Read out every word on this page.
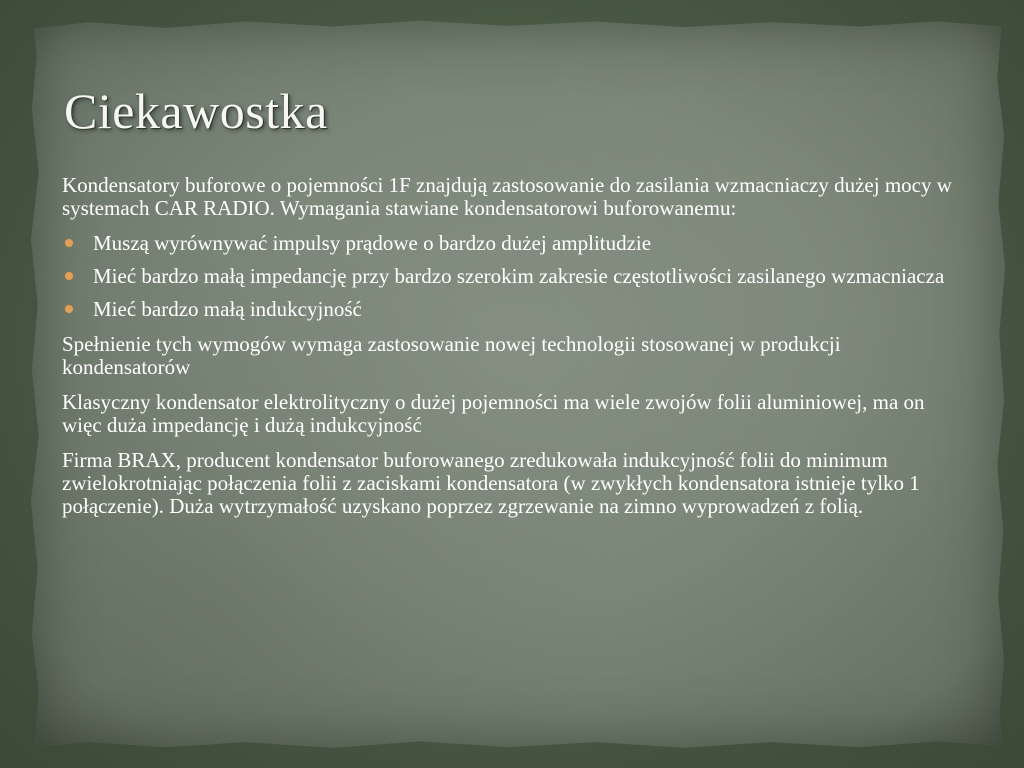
Ciekawostka

Kondensatory buforowe o pojemności 1F znajdują zastosowanie do zasilania wzmacniaczy dużej mocy w systemach CAR RADIO. Wymagania stawiane kondensatorowi buforowanemu:

Muszą wyrównywać impulsy prądowe o bardzo dużej amplitudzie
Mieć bardzo małą impedancję przy bardzo szerokim zakresie częstotliwości zasilanego wzmacniacza
Mieć bardzo małą indukcyjność

Spełnienie tych wymogów wymaga zastosowanie nowej technologii stosowanej w produkcji kondensatorów

Klasyczny kondensator elektrolityczny o dużej pojemności ma wiele zwojów folii aluminiowej, ma on więc duża impedancję i dużą indukcyjność

Firma BRAX, producent kondensator buforowanego zredukowała indukcyjność folii do minimum zwielokrotniając połączenia folii z zaciskami kondensatora (w zwykłych kondensatora istnieje tylko 1 połączenie). Duża wytrzymałość uzyskano poprzez zgrzewanie na zimno wyprowadzeń z folią.
